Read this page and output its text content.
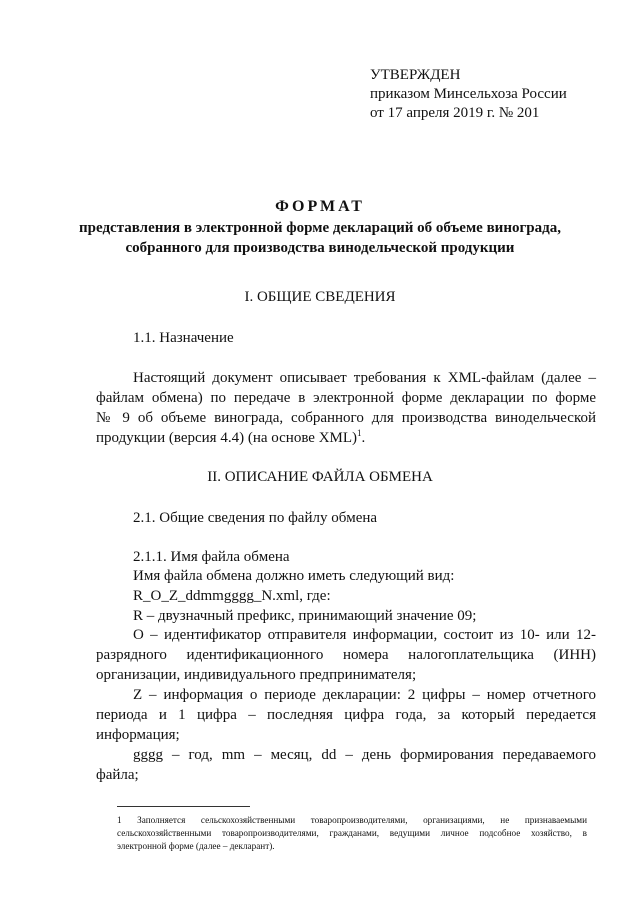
УТВЕРЖДЕН
приказом Минсельхоза России
от 17 апреля 2019 г. № 201
ФОРМАТ
представления в электронной форме деклараций об объеме винограда,
собранного для производства винодельческой продукции
I. ОБЩИЕ СВЕДЕНИЯ
1.1. Назначение
Настоящий документ описывает требования к XML-файлам (далее –
файлам обмена) по передаче в электронной форме декларации по форме
№ 9 об объеме винограда, собранного для производства винодельческой
продукции (версия 4.4) (на основе XML)$^1$.
II. ОПИСАНИЕ ФАЙЛА ОБМЕНА
2.1. Общие сведения по файлу обмена
2.1.1. Имя файла обмена
Имя файла обмена должно иметь следующий вид:
R_O_Z_ddmmgggg_N.xml, где:
R – двузначный префикс, принимающий значение 09;
О – идентификатор отправителя информации, состоит из 10- или 12-
разрядного идентификационного номера налогоплательщика (ИНН)
организации, индивидуального предпринимателя;
Z – информация о периоде декларации: 2 цифры – номер отчетного
периода и 1 цифра – последняя цифра года, за который передается
информация;
gggg – год, mm – месяц, dd – день формирования передаваемого
файла;
1 Заполняется сельскохозяйственными товаропроизводителями, организациями, не признаваемыми
сельскохозяйственными товаропроизводителями, гражданами, ведущими личное подсобное хозяйство, в
электронной форме (далее – декларант).
